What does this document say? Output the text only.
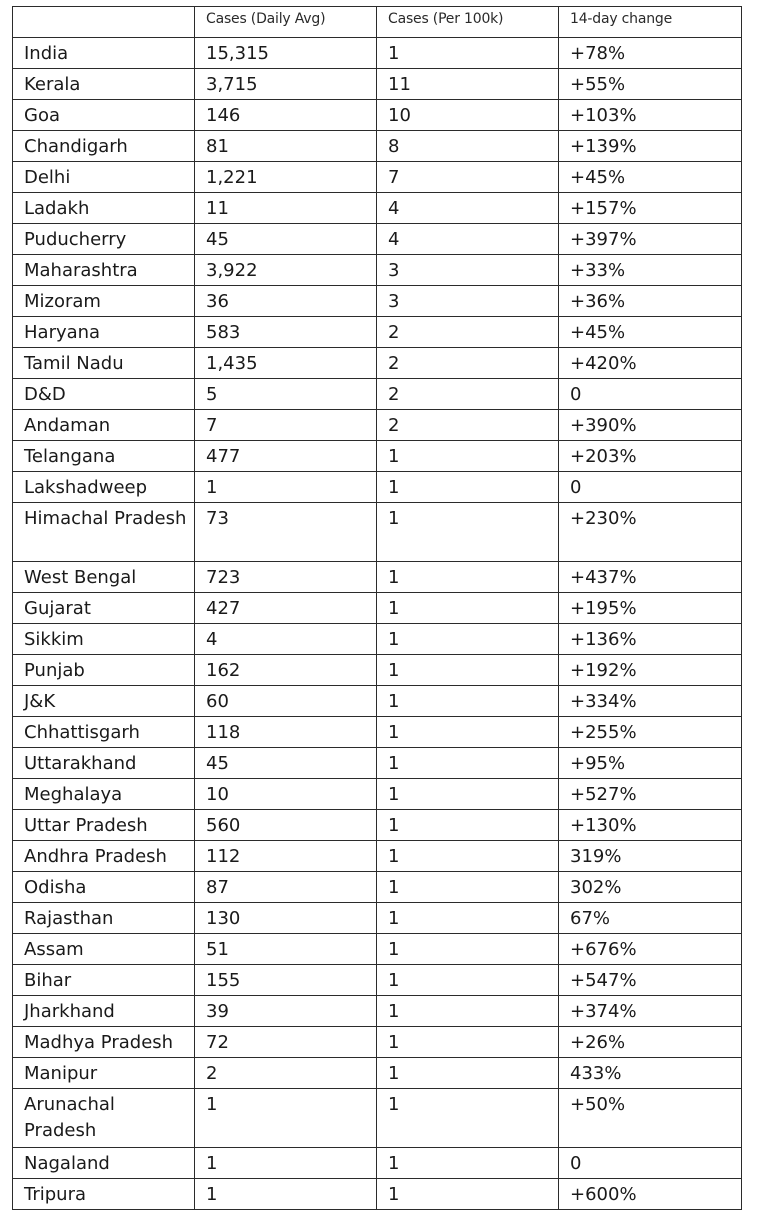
	Cases (Daily Avg)	Cases (Per 100k)	14-day change
India	15,315	1	+78%
Kerala	3,715	11	+55%
Goa	146	10	+103%
Chandigarh	81	8	+139%
Delhi	1,221	7	+45%
Ladakh	11	4	+157%
Puducherry	45	4	+397%
Maharashtra	3,922	3	+33%
Mizoram	36	3	+36%
Haryana	583	2	+45%
Tamil Nadu	1,435	2	+420%
D&D	5	2	0
Andaman	7	2	+390%
Telangana	477	1	+203%
Lakshadweep	1	1	0
Himachal Pradesh	73	1	+230%
West Bengal	723	1	+437%
Gujarat	427	1	+195%
Sikkim	4	1	+136%
Punjab	162	1	+192%
J&K	60	1	+334%
Chhattisgarh	118	1	+255%
Uttarakhand	45	1	+95%
Meghalaya	10	1	+527%
Uttar Pradesh	560	1	+130%
Andhra Pradesh	112	1	319%
Odisha	87	1	302%
Rajasthan	130	1	67%
Assam	51	1	+676%
Bihar	155	1	+547%
Jharkhand	39	1	+374%
Madhya Pradesh	72	1	+26%
Manipur	2	1	433%
Arunachal Pradesh	1	1	+50%
Nagaland	1	1	0
Tripura	1	1	+600%
